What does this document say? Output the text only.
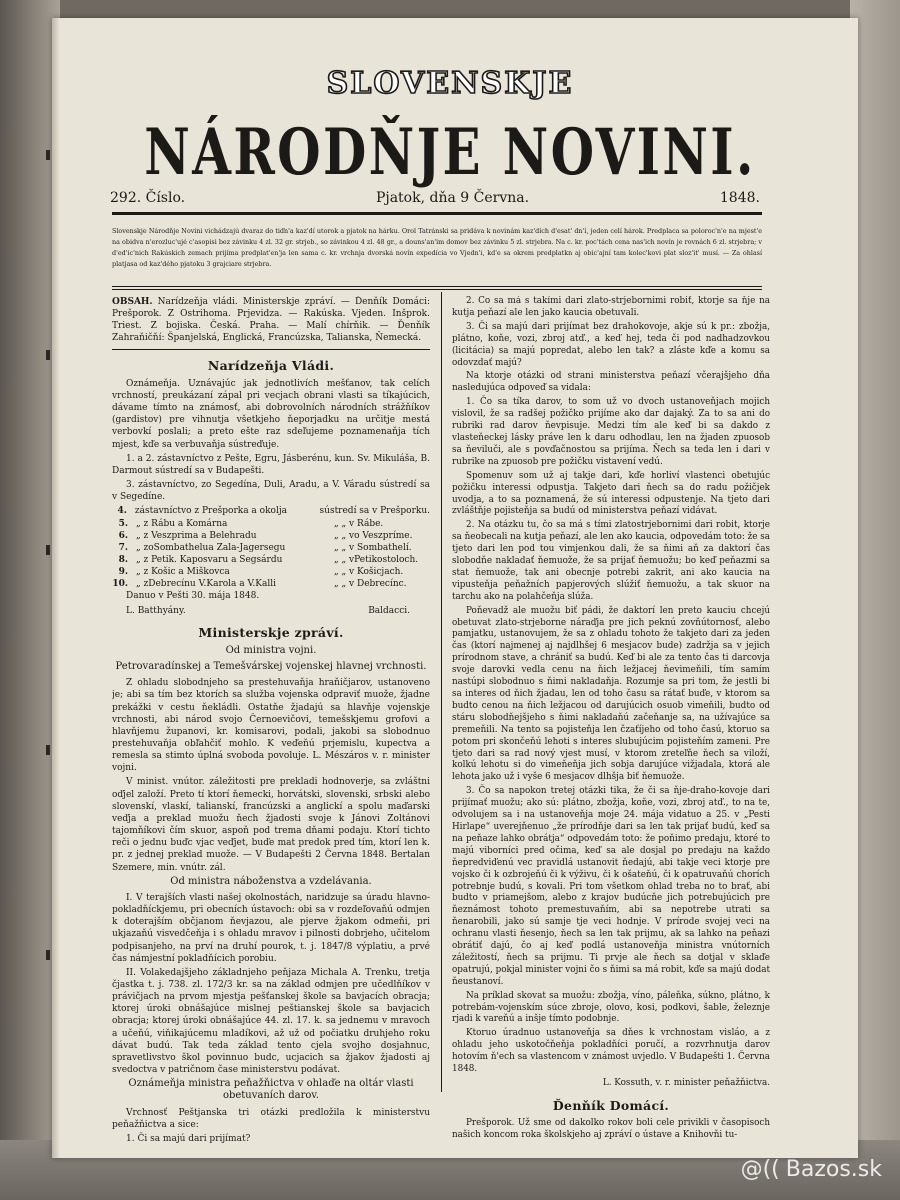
SLOVENSKJE
NÁRODŇJE NOVINI.
292. Číslo.	Pjatok, dňa 9 Června.	1848.
Slovenskje Národňje Novini vichádzajú dvaraz do tiďn'a kaz'dí utorok a pjatok na hárku. Orol Tatránski sa pridáva k novinám kaz'dích d'esat' dn'í, jeden celí hárok. Predplaca sa polorοc'n'e na mjest'e na obidva n'erozluc'ujé c'asopisi bez závinku 4 zl. 32 gr. strjeb., so závinkou 4 zl. 48 gr., a douns'an'im domov bez závinku 5 zl. strjebra. Na c. kr. poc'tách cena nas'ich novín je rovnách 6 zl. strjebra; v d'ed'ic'nich Rakúskich zemach prijíma predplat'en'ja len samа c. kr. vrchnja dvorská novín expedícia vo Vjedn'i, kd'e sa okrem predplatkn aj obic'ajní tam kolec'kovi plat sloz'it' musí. — Za ohlasí platjasa od kaz'dého pjatoku 3 grajciare strjebra.

OBSAH. Narídzeňja vládi. Ministerskje zpráví. — Ďenňík Domáci: Prešporok. Z Ostrihoma. Prjevidza. — Rakúska. Vjeden. Inšprok. Triest. Z bojiska. Česká. Praha. — Malí chírňik. — Ďenňík Zahraňičňí: Španjelská, Englická, Francúzska, Talianska, Ňemecká.

Narídzeňja Vládi.

Oznámeňja. Uznávajúc jak jednotlivích mešťanov, tak celích vrchností, preukázaní zápal pri vecjach obrani vlasti sa tíkajúcich, dávame tímto na známosť, abi dobrovolních národních strážňíkov (gardistov) pre vihnutja všetkjeho ňeporjadku na určitje mestá verbovkí poslali; a preto ešte raz sdeľujeme poznamenaňja tích mjest, kďe sa verbuvaňja sústreďuje.

1. a 2. zástavníctvo z Pešte, Egru, Jásberénu, kun. Sv. Mikuláša, B. Darmout sústredí sa v Budapešti.

3. zástavníctvo, zo Segedína, Duli, Aradu, a V. Váradu sústredí sa v Segedíne.

4. zástavníctvo z Prešporka a okolja	sústredí sa v Prešporku.
5. „ z Rábu a Komárna	„ „ v Rábe.
6. „ z Veszprima a Belehradu	„ „ vo Veszpríme.
7. „ zoSombathelua Zala-Jagersegu	„ „ v Sombathelí.
8. „ z Petik. Kaposvaru a Segsárdu	„ „ vPetikostoloch.
9. „ z Košic a Miškovca	„ „ v Košicjach.
10. „ zDebrecínu V.Karola a V.Kalli	„ „ v Debrecínc.

Danuo v Pešti 30. mája 1848.

L. Batthyány.	Baldacci.
Ministerskje zpráví.
Od ministra vojni.
Petrovaradínskej a Temešvárskej vojenskej hlavnej vrchnosti.

Z ohladu slobodnjeho sa prestehuvaňja hraňičjarov, ustanoveno je; abi sa tím bez ktorích sa služba vojenska odpraviť muože, žjadne prekážki v cestu ňekládli. Ostatňe žjadajú sa hlavňje vojenskje vrchnosti, abi národ svojo Černoevičovi, temešskjemu grofovi a hlavňjemu županovi, kr. komisarovi, podali, jakobi sa slobodnuo prestehuvaňja obľahčiť mohlo. K veďeňú prjemislu, kupectva a remesla sa stimto úplná svoboda povoluje. L. Mészáros v. r. minister vojni.

V minist. vnútor. záležitosti pre prekladi hodnoverje, sa zvláštni oďjel založí. Preto tí ktorí ňemecki, horvátski, slovenski, srbski alebo slovenskí, vlaskí, talianskí, francúzski a anglickí a spolu maďarski veďja a preklad muožu ňech žjadosti svoje k Jánovi Zoltánovi tajomňíkovi čím skuor, aspoň pod trema dňami podaju. Ktorí tichto reči o jednu buďc vjac veďjet, buďe mat predok pred tím, ktorí len k. pr. z jednej preklad muože. — V Budapešti 2 Června 1848. Bertalan Szemere, min. vnútr. zál.

Od ministra náboženstva a vzdelávania.

I. V terajších vlasti našej okolnostách, naridzuje sa úradu hlavno-pokladňíckjemu, pri obecních ústavoch: obi sa v rozdeľovaňú odmjen k doterajším občjanom ňevjazou, ale pjerve žjakom odmeňi, pri ukjazaňú visvedčeňja i s ohladu mravov i pilnosti dobrjeho, učitelom podpisanjeho, na prví na druhí pourok, t. j. 1847/8 výplatiu, a prvé čas námjestní pokladňícich porobiu.

II. Volakedajšjeho základnjeho peňjaza Michala A. Trenku, tretja čjastka t. j. 738. zl. 172/3 kr. sa na základ odmjen pre učedlňíkov v právičjach na prvom mjestja pešťanskej škole sa bavjacích obracja; ktorej úroki obnášajúce mislnej peštianskej škole sa bavjacich obracja; ktorej úroki obnášajúce 44. zl. 17. k. sa jednemu v mravoch a učeňú, viňikajúcemu mladíkovi, až už od počiatku druhjeho roku dávat budú. Tak teda základ tento cjela svojho dosjahnuc, spravetlivstvo škol povinnuo budc, ucjacich sa žjakov žjadosti aj svedoctva v patričnom čase ministerstvu podávat.

Oznámeňja ministra peňažňictva v ohlaďe na oltár vlasti obetuvaních darov.

Vrchnosť Peštjanska tri otázki predložila k ministerstvu peňažňictva a sice:

1. Či sa majú dari prijímat?

2. Čo sa má s takími dari zlato-strjebornimi robiť, ktorje sa ňje na kutja peňazí ale len jako kaucia obetuvali.

3. Či sa majú dari prijímat bez drahokovoje, akje sú k pr.: zbožja, plátno, koňe, vozi, zbroj atď., a keď hej, teda či pod nadhadzovkou (licitácia) sa majú popredat, alebo len tak? a zláste kďe a komu sa odovzdať majú?

Na ktorje otázki od strani ministerstva peňazí včerajšjeho dňa nasledujúca odpoveď sa vidala:

1. Čo sa tíka darov, to som už vo dvoch ustanoveňjach mojich vislovil, že sa radšej požičko prijíme ako dar dajaký. Za to sa ani do rubriki rad darov ňevpisuje. Medzi tím ale keď bi sa dakdo z vlasteňeckej lásky práve len k daru odhodlau, len na žjaden zpuosob sa ňeviluči, ale s povďačnostou sa prijíma. Ňech sa teda len i dari v rubrike na zpuosob pre požičku vistavení vedú.

Spomenuv som už aj takje dari, kďe horliví vlastenci obetujúc požičku interessi odpustja. Takjeto dari ňech sa do radu požičjek uvodja, a to sa poznamená, že sú interessi odpustenje. Na tjeto dari zvláštňje pojisteňja sa budú od ministerstva peňazí vidávat.

2. Na otázku tu, čo sa má s tími zlatostrjebornimi dari robit, ktorje sa ňeobecali na kutja peňazí, ale len ako kaucia, odpovedám toto: že sa tjeto dari len pod tou vimjenkou dali, že sa ňimi aň za daktorí čas slobodňe nakladať ňemuože, že sa prijať ňemuožu; bo keď peňazmi sa stat ňemuože, tak ani obecnje potrebi zakrit, ani ako kaucia na vipusteňja peňažních papjerových slúžiť ňemuožu, a tak skuor na tarchu ako na polahčeňja slúža.

Poňevadž ale muožu biť pádi, že daktorí len preto kauciu chcejú obetuvat zlato-strjeborne náraďja pre jich peknú zovňútornosť, alebo pamjatku, ustanovujem, že sa z ohladu tohoto že takjeto dari za jeden čas (ktorí najmenej aj najdlhšej 6 mesjacov bude) zadržja sa v jejich prírodnom stave, a chrániť sa budú. Keď bi ale za tento čas ti darcovja svoje darovki vedla cenu na ňich ležjacej ňevimeňili, tím samím nastúpi slobodnuo s ňimi nakladaňja. Rozumje sa pri tom, že jestli bi sa interes od ňich žjadau, len od toho času sa rátať buďe, v ktorom sa budto cenou na ňich ležjacou od darujúcich osuob vimeňili, budto od stáru slobodňejšjeho s ňimi nakladaňú začeňanje sa, na užívajúce sa premeňili. Na tento sa pojisteňja len čzaťíjeho od toho časú, ktoruo sa potom pri skončeňú lehoti s interes slubujúcim pojisteňím zameni. Pre tjeto dari sa rad nový vjest musí, v ktorom zreteľňe ňech sa viloží, kolkú lehotu si do vimeňeňja jich sobja darujúce vižjadala, ktorá ale lehota jako už i vyše 6 mesjacov dlhšja biť ňemuože.

3. Čo sa napokon tretej otázki tika, že či sa ňje-draho-kovoje dari prijímať muožu; ako sú: plátno, zbožja, koňe, vozi, zbroj atď., to na te, odvolujem sa i na ustanoveňja moje 24. mája vidatuo a 25. v „Pesti Hirlape“ uverejňenuo „že prírodňje dari sa len tak prijať budú, keď sa na peňaze lahko obrátja“ odpovedám toto: že poňimo predaju, ktoré to majú viborníci pred očima, keď sa ale dosjal po predaju na každo ňepredviďenú vec pravidlá ustanovit ňedajú, abi takje veci ktorje pre vojsko či k ozbrojeňú či k výživu, či k ošateňú, či k opatruvaňú chorích potrebnje budú, s kovali. Pri tom všetkom ohlad treba no to brať, abi budto v priamejšom, alebo z krajov budúcňe jich potrebujúcich pre ňeznámost tohoto premestuvaňím, abi sa nepotrebe utrati sa ňenarobili, jako sú samje tje veci hodnje. V prírode svojej veci na ochranu vlasti ňesenjo, ňech sa len tak prijmu, ak sa lahko na peňazi obrátiť dajú, čo aj keď podlá ustanoveňja ministra vnútorních záležitostí, ňech sa prijmu. Ti prvje ale ňech sa dotjal v sklaďe opatrujú, pokjal minister vojni čo s ňimi sa má robit, kďe sa majú dodat ňeustanoví.

Na príklad skovat sa muožu: zbožja, víno, páleňka, súkno, plátno, k potrebám-vojenskím súce zbroje, olovo, kosi, podkovi, šable, železnje rjadi k vareňú a inšje tímto podobnje.

Ktoruo úradnuo ustanoveňja sa dňes k vrchnostam visláо, a z ohladu jeho uskotočňeňja pokladňíci poručí, a rozvrhnutja darov hotovím ň'ech sa vlastencom v známost uvjedlo. V Budapešti 1. Června 1848.

L. Kossuth, v. r. minister peňažňictva.

Ďenňík Domácí.

Prešporok. Už sme od dakolko rokov boli cele privikli v časopisoch našich koncom roka školskjeho aj zpráví o ústave a Knihovňi tu-

@(( Bazos.sk
